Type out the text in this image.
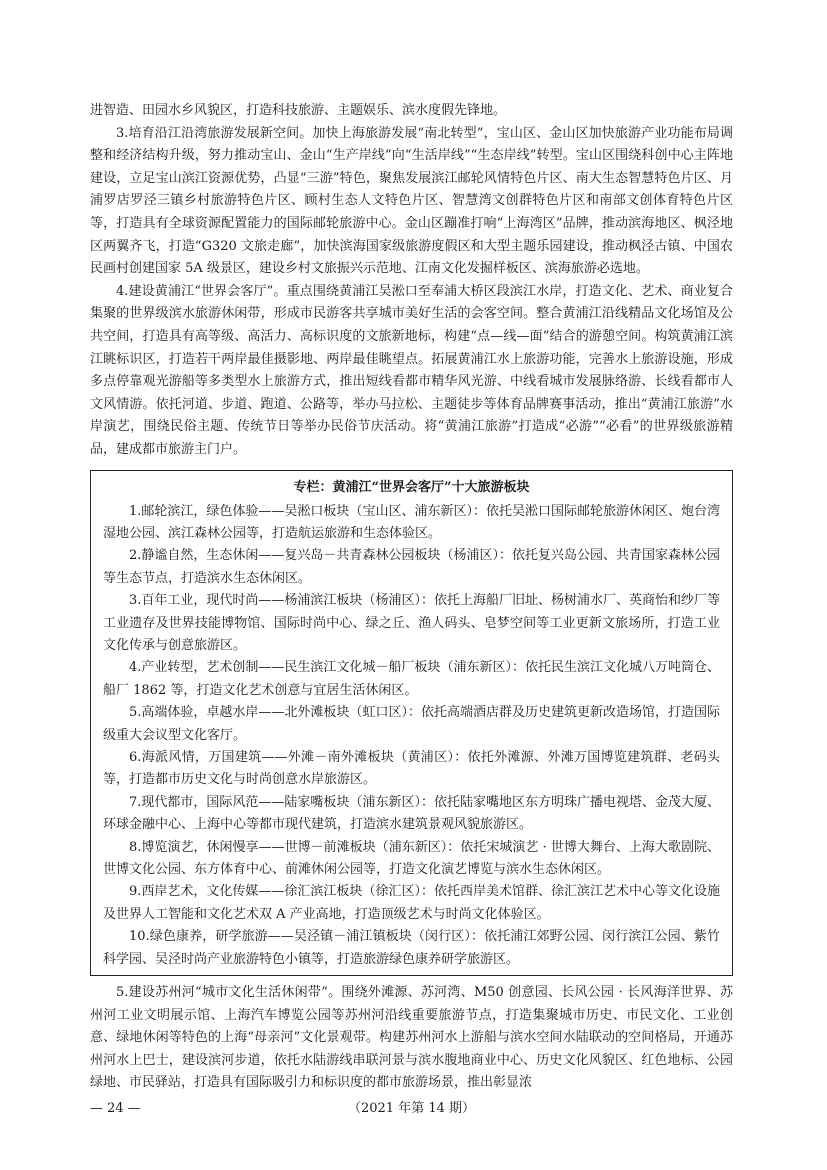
进智造、田园水乡风貌区，打造科技旅游、主题娱乐、滨水度假先锋地。

3.培育沿江沿湾旅游发展新空间。加快上海旅游发展“南北转型”，宝山区、金山区加快旅游产业功能布局调整和经济结构升级，努力推动宝山、金山“生产岸线”向“生活岸线”“生态岸线”转型。宝山区围绕科创中心主阵地建设，立足宝山滨江资源优势，凸显“三游”特色，聚焦发展滨江邮轮风情特色片区、南大生态智慧特色片区、月浦罗店罗泾三镇乡村旅游特色片区、顾村生态人文特色片区、智慧湾文创群特色片区和南部文创体育特色片区等，打造具有全球资源配置能力的国际邮轮旅游中心。金山区蹦准打响“上海湾区”品牌，推动滨海地区、枫泾地区两翼齐飞，打造“G320 文旅走廊”，加快滨海国家级旅游度假区和大型主题乐园建设，推动枫泾古镇、中国农民画村创建国家 5A 级景区，建设乡村文旅振兴示范地、江南文化发掘样板区、滨海旅游必选地。

4.建设黄浦江“世界会客厅”。重点围绕黄浦江吴淞口至奉浦大桥区段滨江水岸，打造文化、艺术、商业复合集聚的世界级滨水旅游休闲带，形成市民游客共享城市美好生活的会客空间。整合黄浦江沿线精品文化场馆及公共空间，打造具有高等级、高活力、高标识度的文旅新地标，构建“点—线—面”结合的游憩空间。构筑黄浦江滨江眺标识区，打造若干两岸最佳摄影地、两岸最佳眺望点。拓展黄浦江水上旅游功能，完善水上旅游设施，形成多点停靠观光游船等多类型水上旅游方式，推出短线看都市精华风光游、中线看城市发展脉络游、长线看都市人文风情游。依托河道、步道、跑道、公路等，举办马拉松、主题徒步等体育品牌赛事活动，推出“黄浦江旅游”水岸演艺，围绕民俗主题、传统节日等举办民俗节庆活动。将“黄浦江旅游”打造成“必游”“必看”的世界级旅游精品，建成都市旅游主门户。

专栏：黄浦江“世界会客厅”十大旅游板块

1.邮轮滨江，绿色体验——吴淞口板块（宝山区、浦东新区）：依托吴淞口国际邮轮旅游休闲区、炮台湾湿地公园、滨江森林公园等，打造航运旅游和生态体验区。

2.静谧自然，生态休闲——复兴岛－共青森林公园板块（杨浦区）：依托复兴岛公园、共青国家森林公园等生态节点，打造滨水生态休闲区。

3.百年工业，现代时尚——杨浦滨江板块（杨浦区）：依托上海船厂旧址、杨树浦水厂、英商怡和纱厂等工业遗存及世界技能博物馆、国际时尚中心、绿之丘、渔人码头、皂梦空间等工业更新文旅场所，打造工业文化传承与创意旅游区。

4.产业转型，艺术创制——民生滨江文化城－船厂板块（浦东新区）：依托民生滨江文化城八万吨筒仓、船厂 1862 等，打造文化艺术创意与宜居生活休闲区。

5.高端体验，卓越水岸——北外滩板块（虹口区）：依托高端酒店群及历史建筑更新改造场馆，打造国际级重大会议型文化客厅。

6.海派风情，万国建筑——外滩－南外滩板块（黄浦区）：依托外滩源、外滩万国博览建筑群、老码头等，打造都市历史文化与时尚创意水岸旅游区。

7.现代都市，国际风范——陆家嘴板块（浦东新区）：依托陆家嘴地区东方明珠广播电视塔、金茂大厦、环球金融中心、上海中心等都市现代建筑，打造滨水建筑景观风貌旅游区。

8.博览演艺，休闲慢享——世博－前滩板块（浦东新区）：依托宋城演艺 · 世博大舞台、上海大歌剧院、世博文化公园、东方体育中心、前滩休闲公园等，打造文化演艺博览与滨水生态休闲区。

9.西岸艺术，文化传媒——徐汇滨江板块（徐汇区）：依托西岸美术馆群、徐汇滨江艺术中心等文化设施及世界人工智能和文化艺术双 A 产业高地，打造顶级艺术与时尚文化体验区。

10.绿色康养，研学旅游——吴泾镇－浦江镇板块（闵行区）：依托浦江郊野公园、闵行滨江公园、紫竹科学园、吴泾时尚产业旅游特色小镇等，打造旅游绿色康养研学旅游区。

5.建设苏州河“城市文化生活休闲带”。围绕外滩源、苏河湾、M50 创意园、长风公园 · 长风海洋世界、苏州河工业文明展示馆、上海汽车博览公园等苏州河沿线重要旅游节点，打造集聚城市历史、市民文化、工业创意、绿地休闲等特色的上海“母亲河”文化景观带。构建苏州河水上游船与滨水空间水陆联动的空间格局，开通苏州河水上巴士，建设滨河步道，依托水陆游线串联河景与滨水腹地商业中心、历史文化风貌区、红色地标、公园绿地、市民驿站，打造具有国际吸引力和标识度的都市旅游场景，推出彰显浓

— 24 —	（2021 年第 14 期）
